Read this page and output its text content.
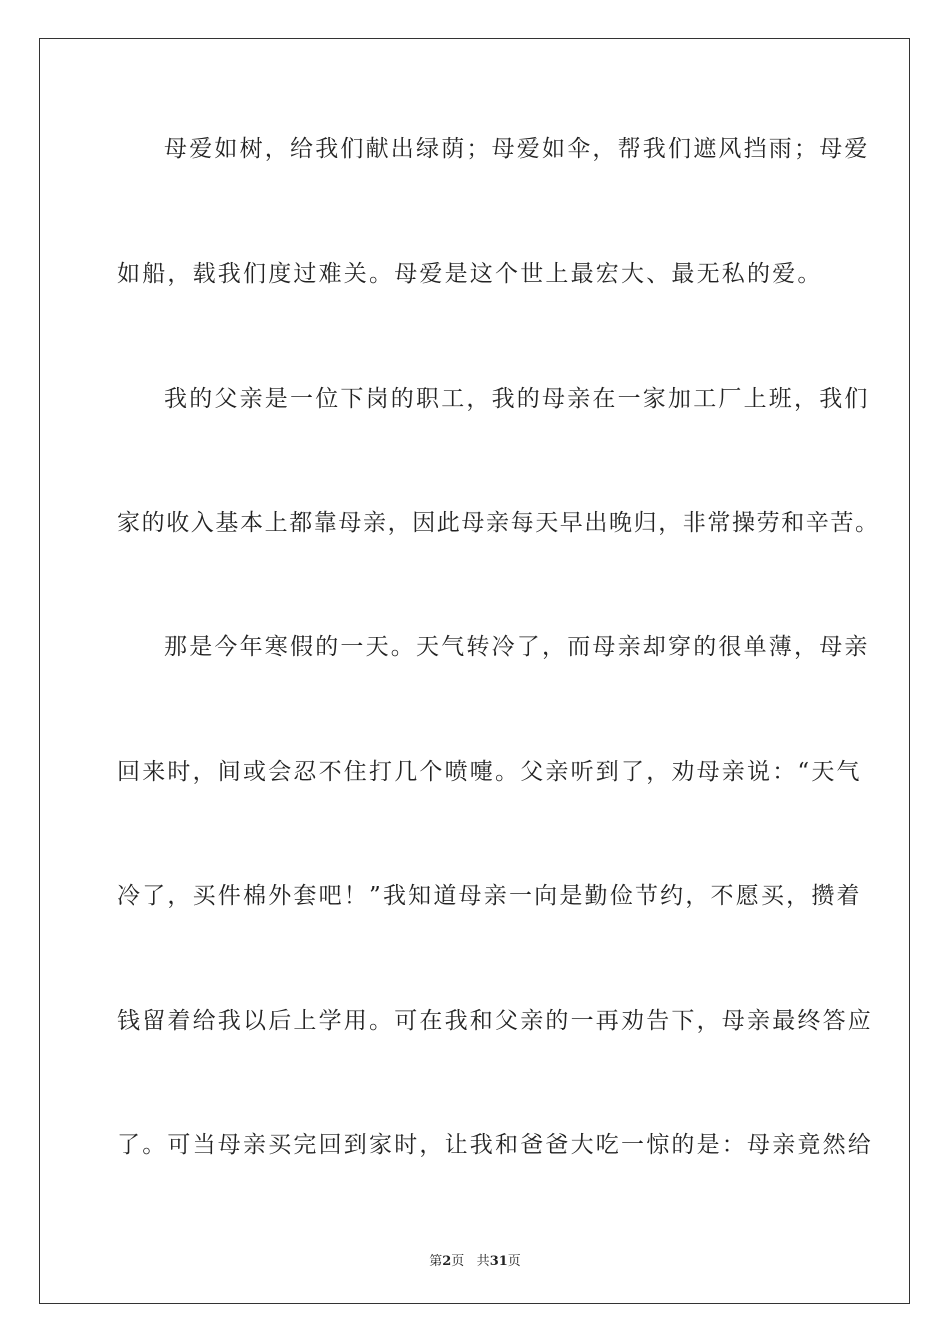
母爱如树，给我们献出绿荫；母爱如伞，帮我们遮风挡雨；母爱
如船，载我们度过难关。母爱是这个世上最宏大、最无私的爱。
我的父亲是一位下岗的职工，我的母亲在一家加工厂上班，我们
家的收入基本上都靠母亲，因此母亲每天早出晚归，非常操劳和辛苦。
那是今年寒假的一天。天气转冷了，而母亲却穿的很单薄，母亲
回来时，间或会忍不住打几个喷嚏。父亲听到了，劝母亲说：“天气
冷了，买件棉外套吧！”我知道母亲一向是勤俭节约，不愿买，攒着
钱留着给我以后上学用。可在我和父亲的一再劝告下，母亲最终答应
了。可当母亲买完回到家时，让我和爸爸大吃一惊的是：母亲竟然给
第2页 共31页
